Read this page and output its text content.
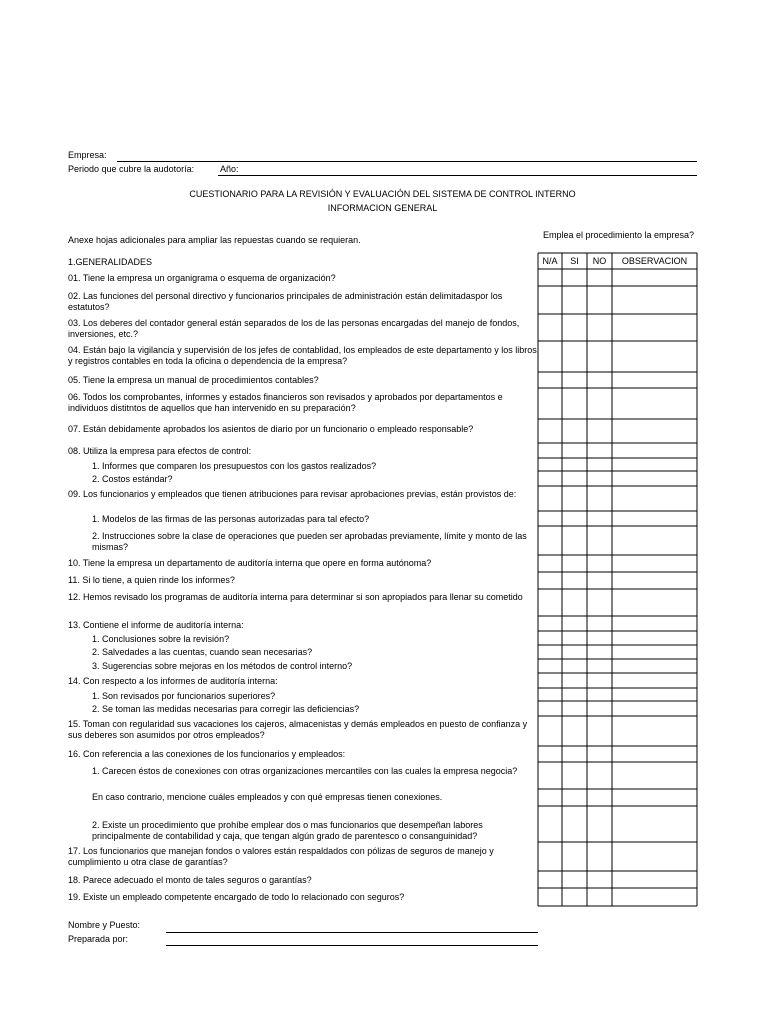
Empresa:
Periodo que cubre la audotoría:	Año:
CUESTIONARIO PARA LA REVISIÓN Y EVALUACIÓN DEL SISTEMA DE CONTROL INTERNO
INFORMACION GENERAL
Anexe hojas adicionales para ampliar las repuestas cuando se requieran.	Emplea el procedimiento la empresa?
N/A	SI	NO	OBSERVACION
1.GENERALIDADES
01. Tiene la empresa un organigrama o esquema de organización?
02. Las funciones del personal directivo y funcionarios principales de administración están delimitadaspor los estatutos?
03. Los deberes del contador general están separados de los de las personas encargadas del manejo de fondos, inversiones, etc.?
04. Están bajo la vigilancia y supervisión de los jefes de contablidad, los empleados de este departamento y los libros y registros contables en toda la oficina o dependencia de la empresa?
05. Tiene la empresa un manual de procedimientos contables?
06. Todos los comprobantes, informes y estados financieros son revisados y aprobados por departamentos e individuos distitntos de aquellos que han intervenido en su preparación?
07. Están debidamente aprobados los asientos de diario por un funcionario o empleado responsable?
08. Utiliza la empresa para efectos de control:
1. Informes que comparen los presupuestos con los gastos realizados?
2. Costos estándar?
09. Los funcionarios y empleados que tienen atribuciones para revisar aprobaciones previas, están provistos de:
1. Modelos de las firmas de las personas autorizadas para tal efecto?
2. Instrucciones sobre la clase de operaciones que pueden ser aprobadas previamente, límite y monto de las mismas?
10. Tiene la empresa un departamento de auditoría interna que opere en forma autónoma?
11. Si lo tiene, a quien rinde los informes?
12. Hemos revisado los programas de auditoría interna para determinar si son apropiados para llenar su cometido
13. Contiene el informe de auditoría interna:
1. Conclusiones sobre la revisión?
2. Salvedades a las cuentas, cuando sean necesarias?
3. Sugerencias sobre mejoras en los métodos de control interno?
14. Con respecto a los informes de auditoría interna:
1. Son revisados por funcionarios superiores?
2. Se toman las medidas necesarias para corregir las deficiencias?
15. Toman con regularidad sus vacaciones los cajeros, almacenistas y demás empleados en puesto de confianza y sus deberes son asumidos por otros empleados?
16. Con referencia a las conexiones de los funcionarios y empleados:
1. Carecen éstos de conexiones con otras organizaciones mercantiles con las cuales la empresa negocia?
En caso contrario, mencione cuáles empleados y con qué empresas tienen conexiones.
2. Existe un procedimiento que prohíbe emplear dos o mas funcionarios que desempeñan labores principalmente de contabilidad y caja, que tengan algún grado de parentesco o consanguinidad?
17. Los funcionarios que manejan fondos o valores están respaldados con pólizas de seguros de manejo y cumplimiento u otra clase de garantías?
18. Parece adecuado el monto de tales seguros o garantías?
19. Existe un empleado competente encargado de todo lo relacionado con seguros?
Nombre y Puesto:
Preparada por:
